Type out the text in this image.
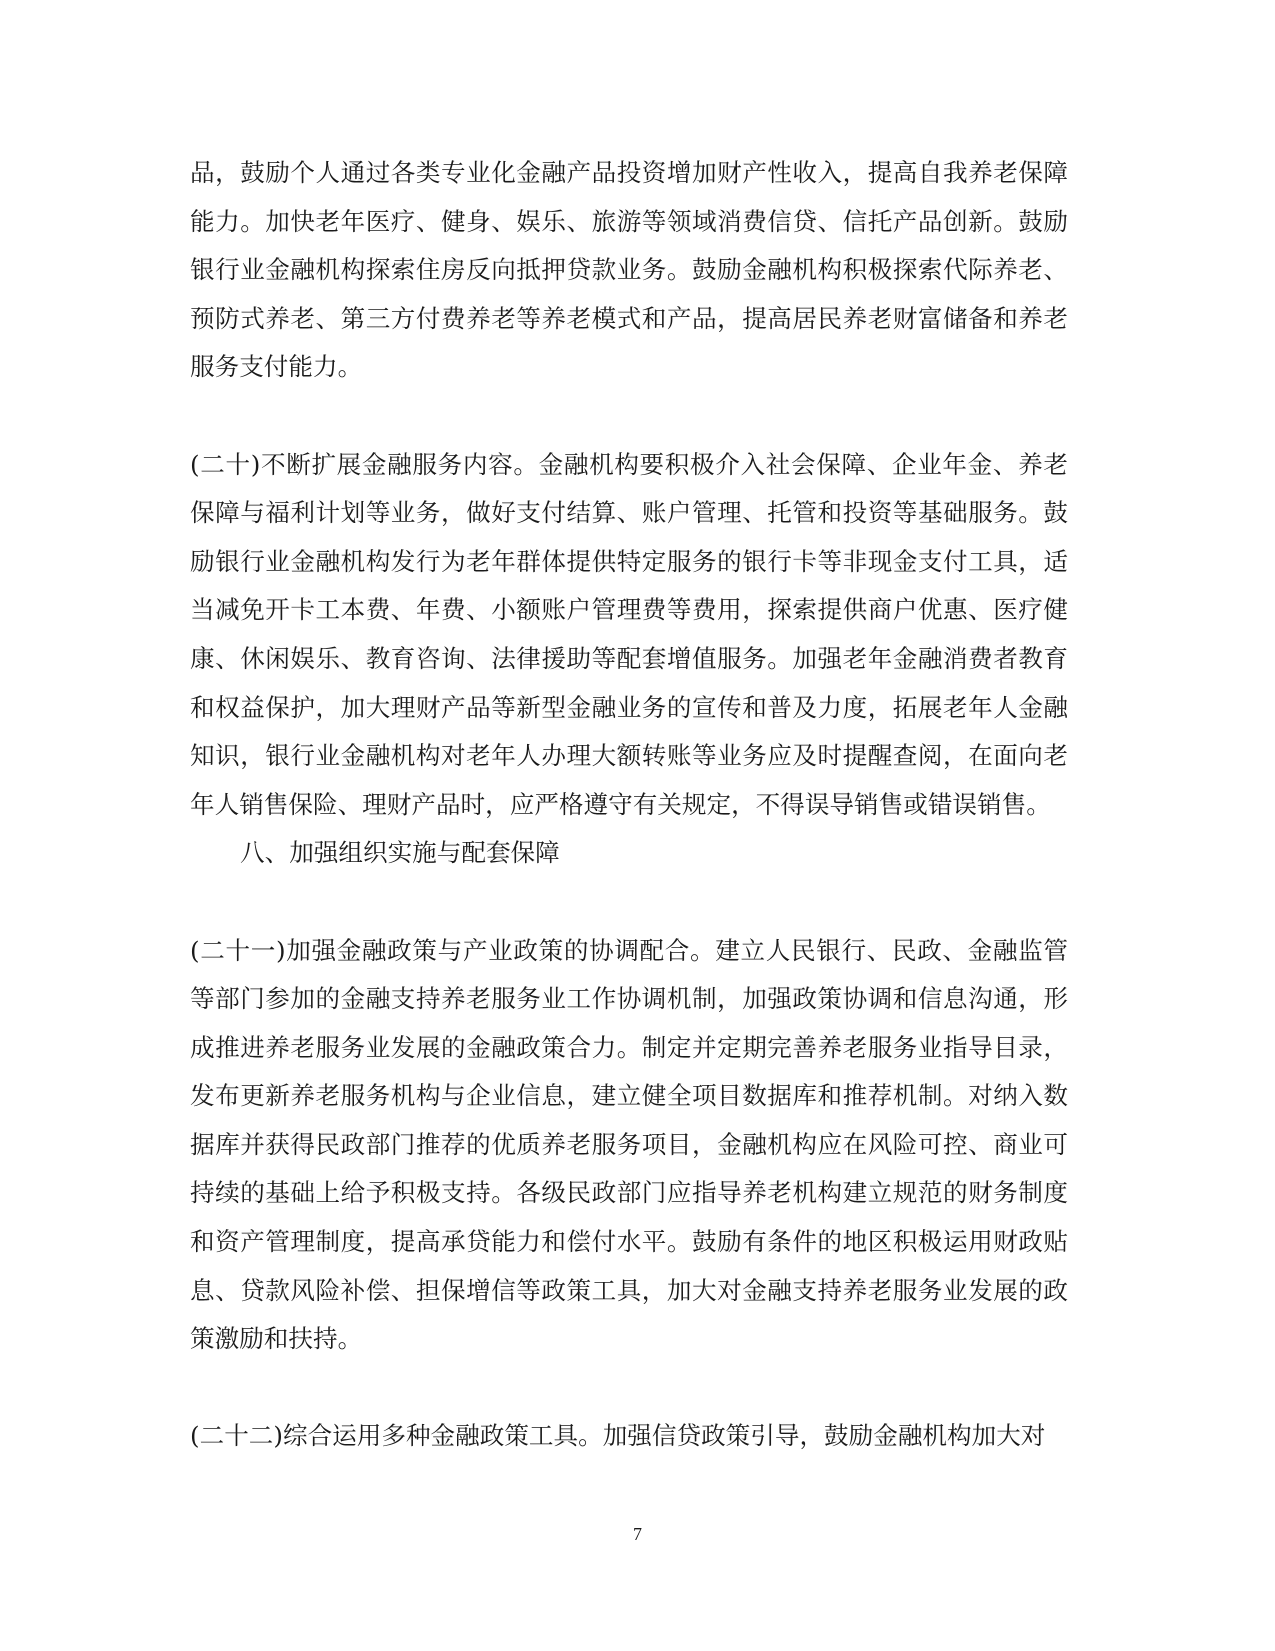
品，鼓励个人通过各类专业化金融产品投资增加财产性收入，提高自我养老保障能力。加快老年医疗、健身、娱乐、旅游等领域消费信贷、信托产品创新。鼓励银行业金融机构探索住房反向抵押贷款业务。鼓励金融机构积极探索代际养老、预防式养老、第三方付费养老等养老模式和产品，提高居民养老财富储备和养老服务支付能力。

(二十)不断扩展金融服务内容。金融机构要积极介入社会保障、企业年金、养老保障与福利计划等业务，做好支付结算、账户管理、托管和投资等基础服务。鼓励银行业金融机构发行为老年群体提供特定服务的银行卡等非现金支付工具，适当减免开卡工本费、年费、小额账户管理费等费用，探索提供商户优惠、医疗健康、休闲娱乐、教育咨询、法律援助等配套增值服务。加强老年金融消费者教育和权益保护，加大理财产品等新型金融业务的宣传和普及力度，拓展老年人金融知识，银行业金融机构对老年人办理大额转账等业务应及时提醒查阅，在面向老年人销售保险、理财产品时，应严格遵守有关规定，不得误导销售或错误销售。

八、加强组织实施与配套保障

(二十一)加强金融政策与产业政策的协调配合。建立人民银行、民政、金融监管等部门参加的金融支持养老服务业工作协调机制，加强政策协调和信息沟通，形成推进养老服务业发展的金融政策合力。制定并定期完善养老服务业指导目录，发布更新养老服务机构与企业信息，建立健全项目数据库和推荐机制。对纳入数据库并获得民政部门推荐的优质养老服务项目，金融机构应在风险可控、商业可持续的基础上给予积极支持。各级民政部门应指导养老机构建立规范的财务制度和资产管理制度，提高承贷能力和偿付水平。鼓励有条件的地区积极运用财政贴息、贷款风险补偿、担保增信等政策工具，加大对金融支持养老服务业发展的政策激励和扶持。

(二十二)综合运用多种金融政策工具。加强信贷政策引导，鼓励金融机构加大对

7
